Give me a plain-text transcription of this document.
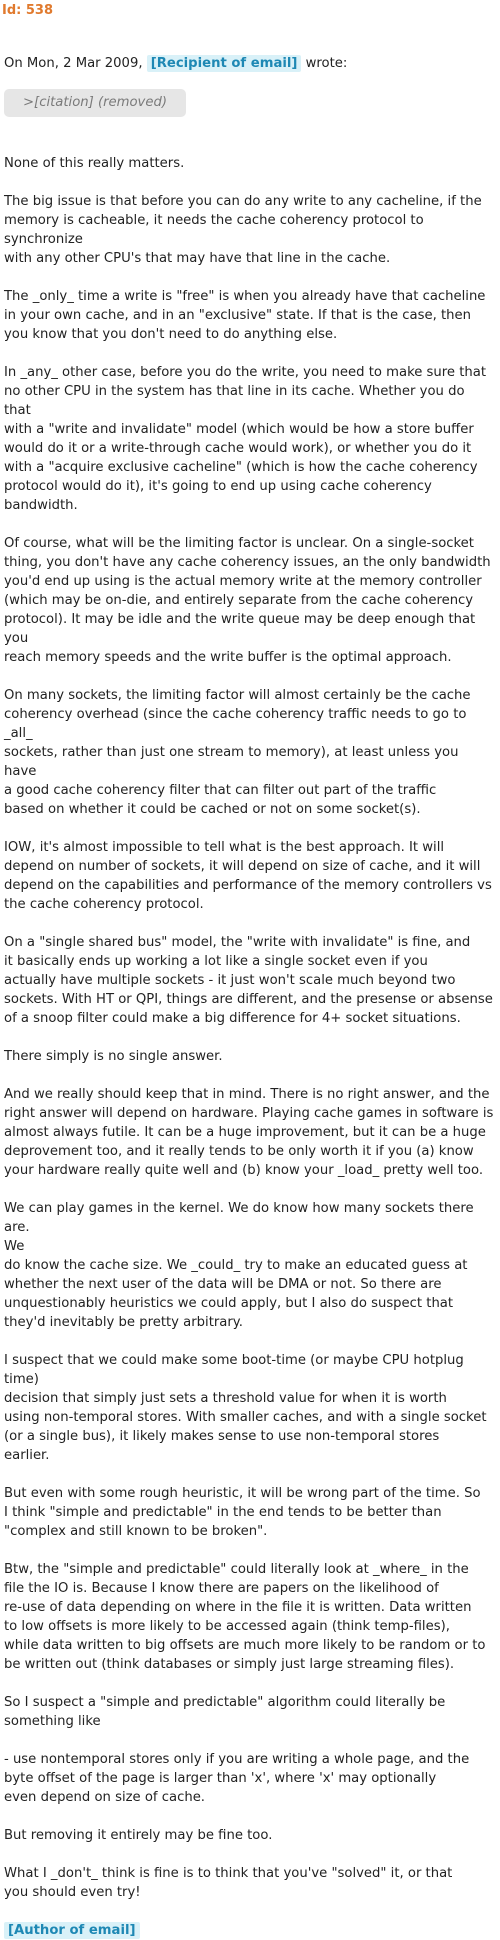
Id: 538
On Mon, 2 Mar 2009, [Recipient of email] wrote:
>[citation] (removed)
None of this really matters.
The big issue is that before you can do any write to any cacheline, if the
memory is cacheable, it needs the cache coherency protocol to synchronize
with any other CPU's that may have that line in the cache.
The _only_ time a write is "free" is when you already have that cacheline
in your own cache, and in an "exclusive" state. If that is the case, then
you know that you don't need to do anything else.
In _any_ other case, before you do the write, you need to make sure that
no other CPU in the system has that line in its cache. Whether you do that
with a "write and invalidate" model (which would be how a store buffer
would do it or a write-through cache would work), or whether you do it
with a "acquire exclusive cacheline" (which is how the cache coherency
protocol would do it), it's going to end up using cache coherency
bandwidth.
Of course, what will be the limiting factor is unclear. On a single-socket
thing, you don't have any cache coherency issues, an the only bandwidth
you'd end up using is the actual memory write at the memory controller
(which may be on-die, and entirely separate from the cache coherency
protocol). It may be idle and the write queue may be deep enough that you
reach memory speeds and the write buffer is the optimal approach.
On many sockets, the limiting factor will almost certainly be the cache
coherency overhead (since the cache coherency traffic needs to go to _all_
sockets, rather than just one stream to memory), at least unless you have
a good cache coherency filter that can filter out part of the traffic
based on whether it could be cached or not on some socket(s).
IOW, it's almost impossible to tell what is the best approach. It will
depend on number of sockets, it will depend on size of cache, and it will
depend on the capabilities and performance of the memory controllers vs
the cache coherency protocol.
On a "single shared bus" model, the "write with invalidate" is fine, and
it basically ends up working a lot like a single socket even if you
actually have multiple sockets - it just won't scale much beyond two
sockets. With HT or QPI, things are different, and the presense or absense
of a snoop filter could make a big difference for 4+ socket situations.
There simply is no single answer.
And we really should keep that in mind. There is no right answer, and the
right answer will depend on hardware. Playing cache games in software is
almost always futile. It can be a huge improvement, but it can be a huge
deprovement too, and it really tends to be only worth it if you (a) know
your hardware really quite well and (b) know your _load_ pretty well too.
We can play games in the kernel. We do know how many sockets there are.
We
do know the cache size. We _could_ try to make an educated guess at
whether the next user of the data will be DMA or not. So there are
unquestionably heuristics we could apply, but I also do suspect that
they'd inevitably be pretty arbitrary.
I suspect that we could make some boot-time (or maybe CPU hotplug time)
decision that simply just sets a threshold value for when it is worth
using non-temporal stores. With smaller caches, and with a single socket
(or a single bus), it likely makes sense to use non-temporal stores
earlier.
But even with some rough heuristic, it will be wrong part of the time. So
I think "simple and predictable" in the end tends to be better than
"complex and still known to be broken".
Btw, the "simple and predictable" could literally look at _where_ in the
file the IO is. Because I know there are papers on the likelihood of
re-use of data depending on where in the file it is written. Data written
to low offsets is more likely to be accessed again (think temp-files),
while data written to big offsets are much more likely to be random or to
be written out (think databases or simply just large streaming files).
So I suspect a "simple and predictable" algorithm could literally be
something like
- use nontemporal stores only if you are writing a whole page, and the
byte offset of the page is larger than 'x', where 'x' may optionally
even depend on size of cache.
But removing it entirely may be fine too.
What I _don't_ think is fine is to think that you've "solved" it, or that
you should even try!
[Author of email]
